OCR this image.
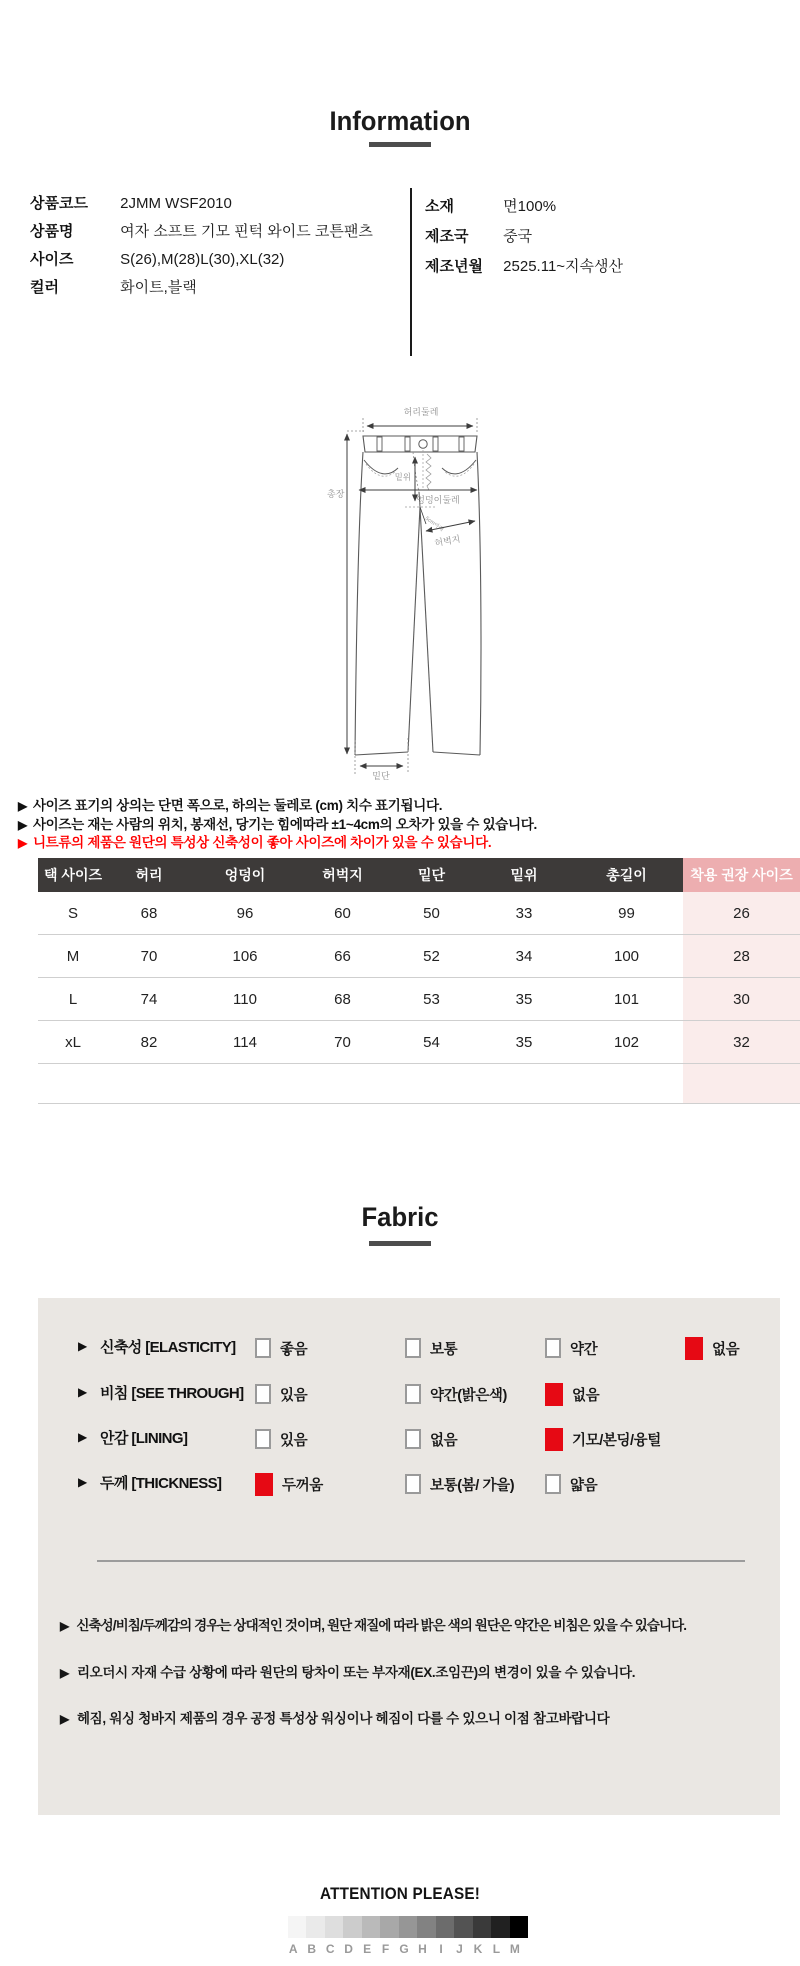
Information
상품코드 2JMM WSF2010
상품명	여자 소프트 기모 핀턱 와이드 코튼팬츠
사이즈	S(26),M(28)L(30),XL(32)
컬러	화이트,블랙
소재	면100%
제조국 중국
제조년월 2525.11~지속생산
허리둘레
총장
밑위
엉덩이둘레
5cm아래
허벅지
밑단
▶ 사이즈 표기의 상의는 단면 폭으로, 하의는 둘레로 (cm) 치수 표기됩니다.
▶ 사이즈는 재는 사람의 위치, 봉재선, 당기는 힘에따라 ±1~4cm의 오차가 있을 수 있습니다.
▶ 니트류의 제품은 원단의 특성상 신축성이 좋아 사이즈에 차이가 있을 수 있습니다.
택 사이즈	허리	엉덩이	허벅지	밑단	밑위	총길이	착용 권장 사이즈
S	68	96	60	50	33	99	26
M	70	106	66	52	34	100	28
L	74	110	68	53	35	101	30
xL	82	114	70	54	35	102	32

Fabric
▶ 신축성 [ELASTICITY]	좋음	보통	약간	없음
▶ 비침 [SEE THROUGH]	있음	약간(밝은색)	없음
▶ 안감 [LINING]	있음	없음	기모/본딩/융털
▶ 두께 [THICKNESS]	두꺼움	보통(봄/ 가을)	얇음
▶ 신축성/비침/두께감의 경우는 상대적인 것이며, 원단 재질에 따라 밝은 색의 원단은 약간은 비침은 있을 수 있습니다.
▶ 리오더시 자재 수급 상황에 따라 원단의 탕차이 또는 부자재(EX.조임끈)의 변경이 있을 수 있습니다.
▶ 헤짐, 워싱 청바지 제품의 경우 공정 특성상 워싱이나 헤짐이 다를 수 있으니 이점 참고바랍니다
ATTENTION PLEASE!
A B C D E F G H	I	J K L M
